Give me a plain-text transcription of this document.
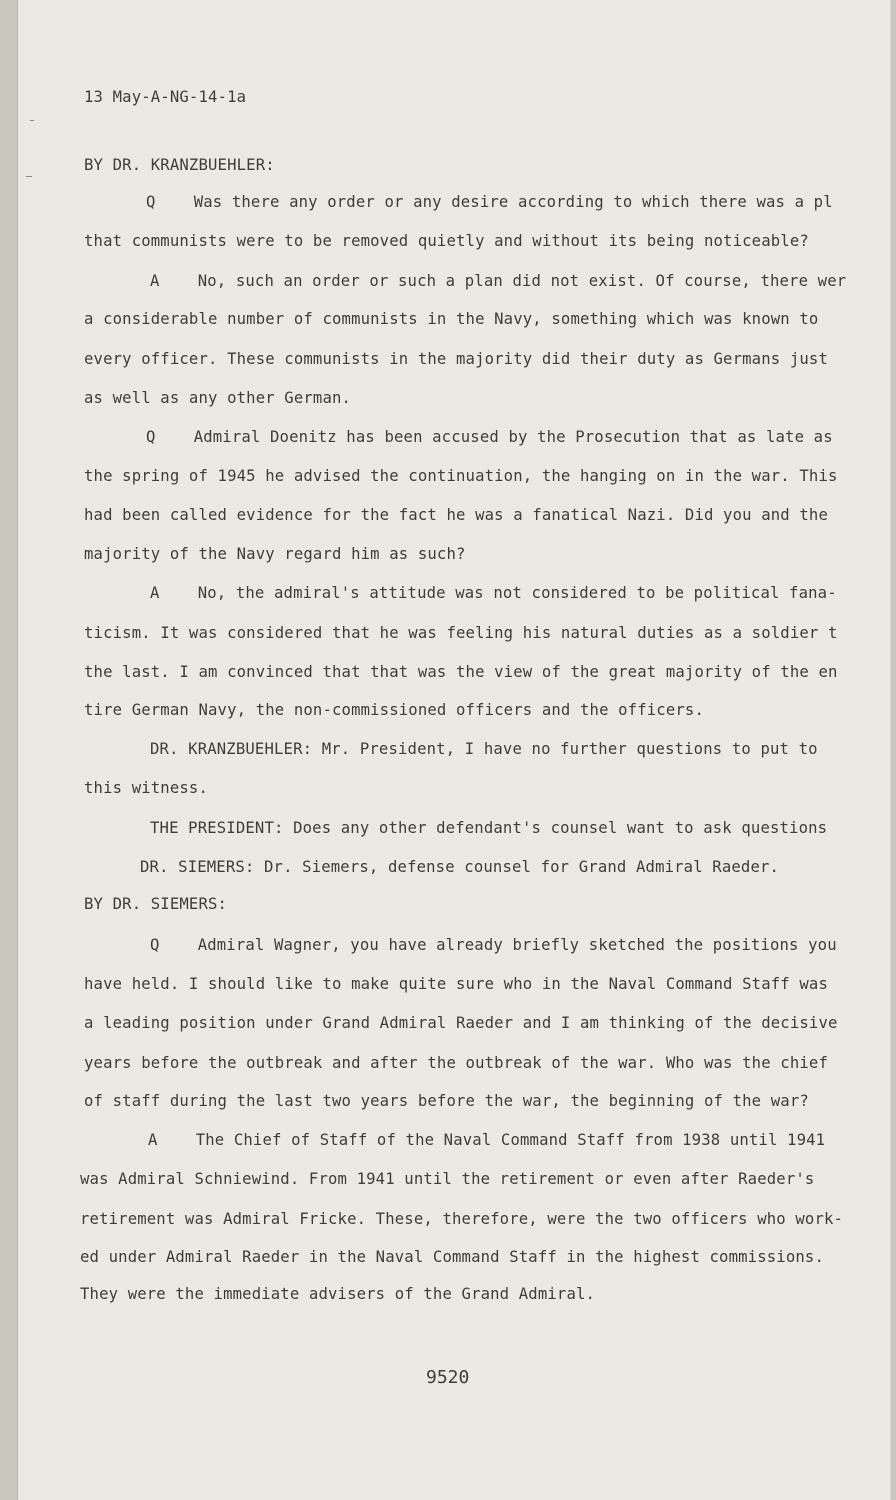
13 May-A-NG-14-1a
BY DR. KRANZBUEHLER:
Q    Was there any order or any desire according to which there was a pl
that communists were to be removed quietly and without its being noticeable?
A    No, such an order or such a plan did not exist. Of course, there wer
a considerable number of communists in the Navy, something which was known to
every officer. These communists in the majority did their duty as Germans just
as well as any other German.
Q    Admiral Doenitz has been accused by the Prosecution that as late as
the spring of 1945 he advised the continuation, the hanging on in the war. This
had been called evidence for the fact he was a fanatical Nazi. Did you and the
majority of the Navy regard him as such?
A    No, the admiral's attitude was not considered to be political fana-
ticism. It was considered that he was feeling his natural duties as a soldier t
the last. I am convinced that that was the view of the great majority of the en
tire German Navy, the non-commissioned officers and the officers.
DR. KRANZBUEHLER: Mr. President, I have no further questions to put to
this witness.
THE PRESIDENT: Does any other defendant's counsel want to ask questions
DR. SIEMERS: Dr. Siemers, defense counsel for Grand Admiral Raeder.
BY DR. SIEMERS:
Q    Admiral Wagner, you have already briefly sketched the positions you
have held. I should like to make quite sure who in the Naval Command Staff was
a leading position under Grand Admiral Raeder and I am thinking of the decisive
years before the outbreak and after the outbreak of the war. Who was the chief
of staff during the last two years before the war, the beginning of the war?
A    The Chief of Staff of the Naval Command Staff from 1938 until 1941
was Admiral Schniewind. From 1941 until the retirement or even after Raeder's
retirement was Admiral Fricke. These, therefore, were the two officers who work-
ed under Admiral Raeder in the Naval Command Staff in the highest commissions.
They were the immediate advisers of the Grand Admiral.
9520
